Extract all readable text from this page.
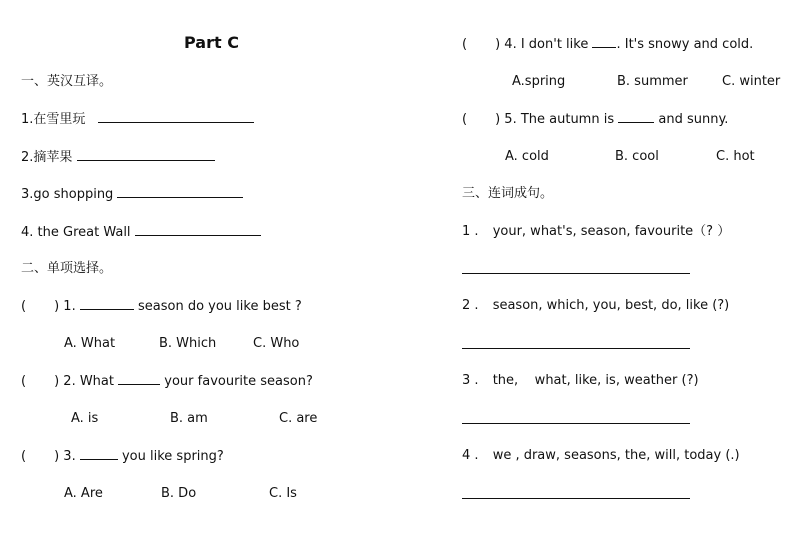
Part C
一、英汉互译。
1.在雪里玩
2.摘苹果
3.go shopping
4. the Great Wall
二、单项选择。
( ) 1.	season do you like best ?
A. What	B. Which	C. Who
( ) 2. What	your favourite season?
A. is	B. am	C. are
( ) 3.	you like spring?
A. Are	B. Do	C. Is
( ) 4. I don't like . It's snowy and cold.
A.spring	B. summer	C. winter
( ) 5. The autumn is	and sunny.
A. cold	B. cool	C. hot
三、连词成句。
1 . your, what's, season, favourite（? ）
2 . season, which, you, best, do, like (?)
3 . the,    what, like, is, weather (?)
4 . we , draw, seasons, the, will, today (.)
